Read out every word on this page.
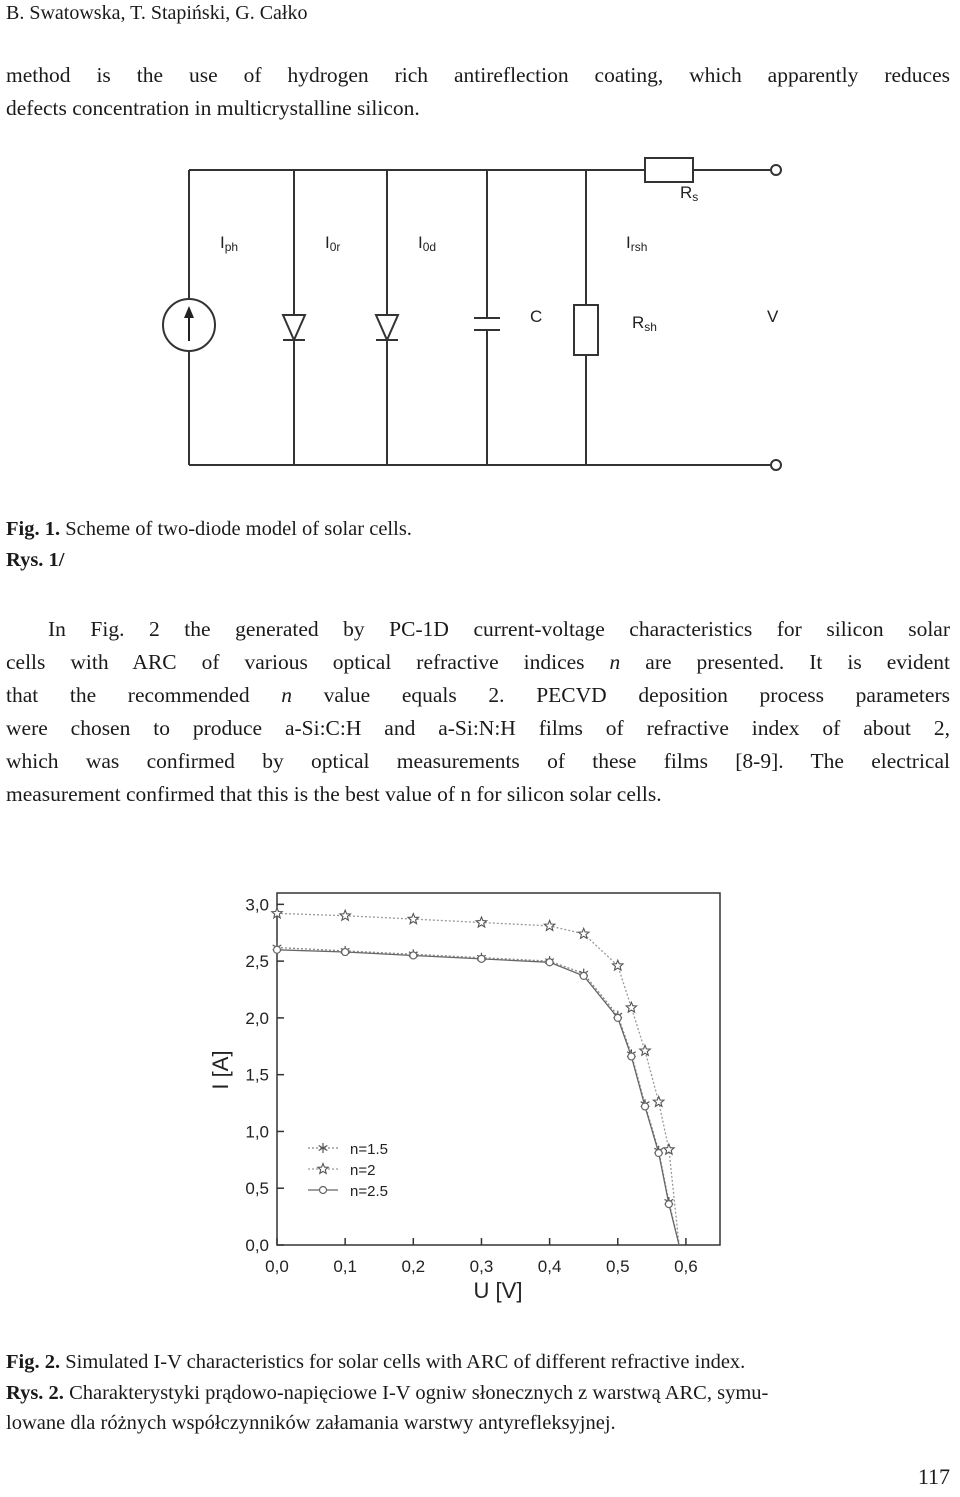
B. Swatowska, T. Stapiński, G. Całko
method is the use of hydrogen rich antireflection coating, which apparently reduces
defects concentration in multicrystalline silicon.
Iph	I0r	I0d	Irsh
C	Rsh
Rs
V
Fig. 1. Scheme of two-diode model of solar cells.
Rys. 1/
In Fig. 2 the generated by PC-1D current-voltage characteristics for silicon solar
cells with ARC of various optical refractive indices n are presented. It is evident
that the recommended n value equals 2. PECVD deposition process parameters
were chosen to produce a-Si:C:H and a-Si:N:H films of refractive index of about 2,
which was confirmed by optical measurements of these films [8-9]. The electrical
measurement confirmed that this is the best value of n for silicon solar cells.
0,0	0,1	0,2	0,3	0,4	0,5	0,6
0,0
0,5
1,0
1,5
2,0
2,5
3,0
n=1.5
n=2
n=2.5
U [V]
I [A]
Fig. 2. Simulated I-V characteristics for solar cells with ARC of different refractive index.
Rys. 2. Charakterystyki prądowo-napięciowe I-V ogniw słonecznych z warstwą ARC, symu-
lowane dla różnych współczynników załamania warstwy antyrefleksyjnej.
117
